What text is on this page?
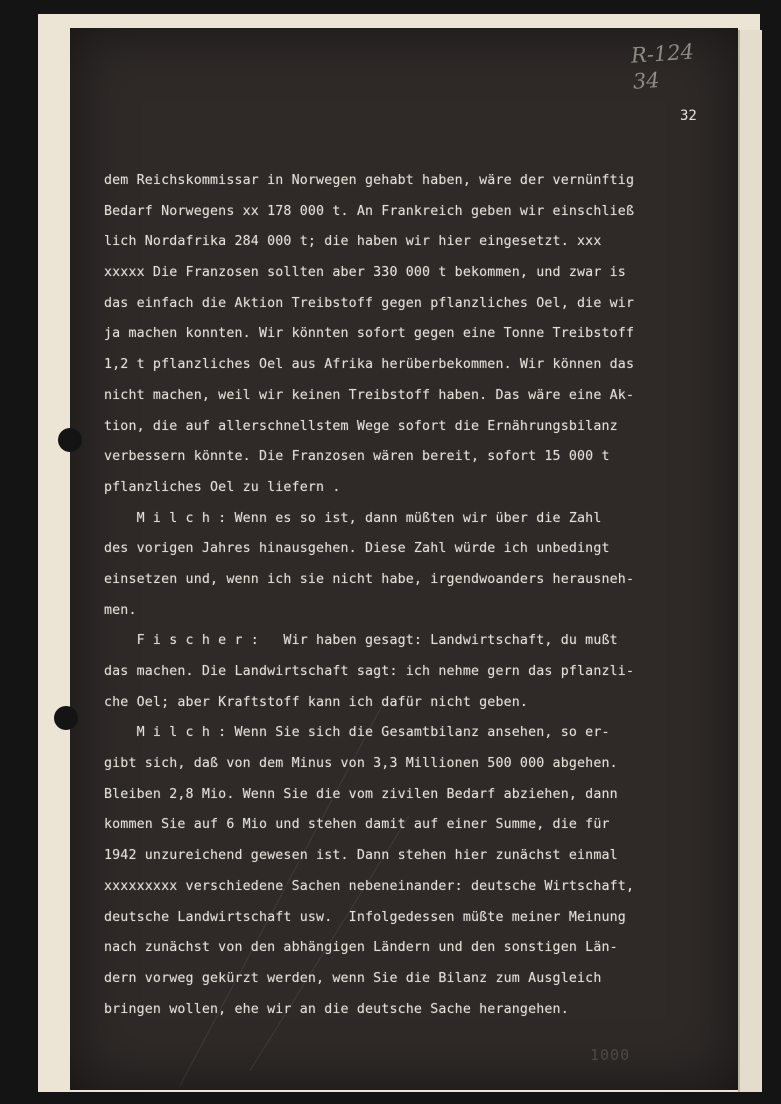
R-124
34
32
dem Reichskommissar in Norwegen gehabt haben, wäre der vernünftig
Bedarf Norwegens xx 178 000 t. An Frankreich geben wir einschließ
lich Nordafrika 284 000 t; die haben wir hier eingesetzt. xxx
xxxxx Die Franzosen sollten aber 330 000 t bekommen, und zwar is
das einfach die Aktion Treibstoff gegen pflanzliches Oel, die wir
ja machen konnten. Wir könnten sofort gegen eine Tonne Treibstoff
1,2 t pflanzliches Oel aus Afrika herüberbekommen. Wir können das
nicht machen, weil wir keinen Treibstoff haben. Das wäre eine Ak-
tion, die auf allerschnellstem Wege sofort die Ernährungsbilanz
verbessern könnte. Die Franzosen wären bereit, sofort 15 000 t
pflanzliches Oel zu liefern .
M i l c h : Wenn es so ist, dann müßten wir über die Zahl
des vorigen Jahres hinausgehen. Diese Zahl würde ich unbedingt
einsetzen und, wenn ich sie nicht habe, irgendwoanders herausneh-
men.
F i s c h e r :   Wir haben gesagt: Landwirtschaft, du mußt
das machen. Die Landwirtschaft sagt: ich nehme gern das pflanzli-
che Oel; aber Kraftstoff kann ich dafür nicht geben.
M i l c h : Wenn Sie sich die Gesamtbilanz ansehen, so er-
gibt sich, daß von dem Minus von 3,3 Millionen 500 000 abgehen.
Bleiben 2,8 Mio. Wenn Sie die vom zivilen Bedarf abziehen, dann
kommen Sie auf 6 Mio und stehen damit auf einer Summe, die für
1942 unzureichend gewesen ist. Dann stehen hier zunächst einmal
xxxxxxxxx verschiedene Sachen nebeneinander: deutsche Wirtschaft,
deutsche Landwirtschaft usw.  Infolgedessen müßte meiner Meinung
nach zunächst von den abhängigen Ländern und den sonstigen Län-
dern vorweg gekürzt werden, wenn Sie die Bilanz zum Ausgleich
bringen wollen, ehe wir an die deutsche Sache herangehen.
1000
